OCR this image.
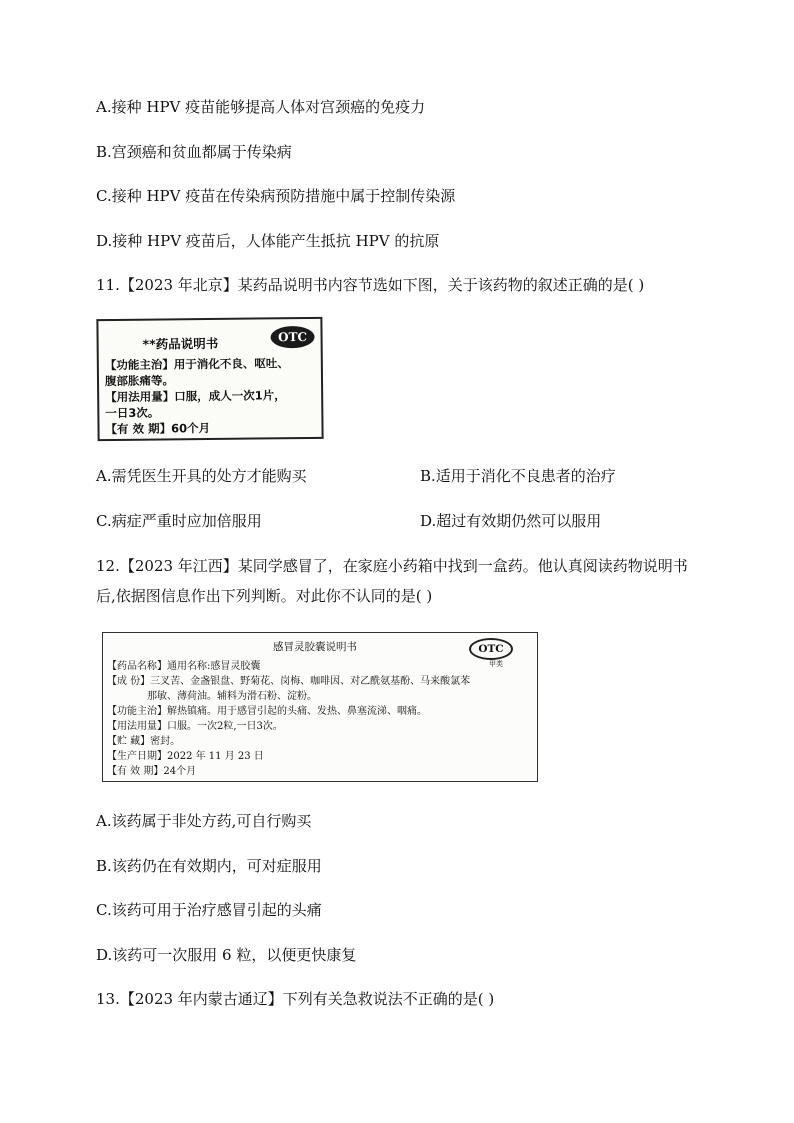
A.接种 HPV 疫苗能够提高人体对宫颈癌的免疫力
B.宫颈癌和贫血都属于传染病
C.接种 HPV 疫苗在传染病预防措施中属于控制传染源
D.接种 HPV 疫苗后，人体能产生抵抗 HPV 的抗原
11.【2023 年北京】某药品说明书内容节选如下图，关于该药物的叙述正确的是( )
**药品说明书	OTC
【功能主治】用于消化不良、呕吐、
腹部胀痛等。
【用法用量】口服，成人一次1片，
一日3次。
【有 效 期】60个月
A.需凭医生开具的处方才能购买	B.适用于消化不良患者的治疗
C.病症严重时应加倍服用	D.超过有效期仍然可以服用
12.【2023 年江西】某同学感冒了，在家庭小药箱中找到一盒药。他认真阅读药物说明书后,依据图信息作出下列判断。对此你不认同的是( )
感冒灵胶囊说明书	OTC
甲类
【药品名称】通用名称:感冒灵胶囊
【成 份】三叉苦、金盏银盘、野菊花、岗梅、咖啡因、对乙酰氨基酚、马来酸氯苯
那敏、薄荷油。辅料为滑石粉、淀粉。
【功能主治】解热镇痛。用于感冒引起的头痛、发热、鼻塞流涕、咽痛。
【用法用量】口服。一次2粒,一日3次。
【贮 藏】密封。
【生产日期】2022 年 11 月 23 日
【有 效 期】24个月
A.该药属于非处方药,可自行购买
B.该药仍在有效期内，可对症服用
C.该药可用于治疗感冒引起的头痛
D.该药可一次服用 6 粒，以便更快康复
13.【2023 年内蒙古通辽】下列有关急救说法不正确的是( )
